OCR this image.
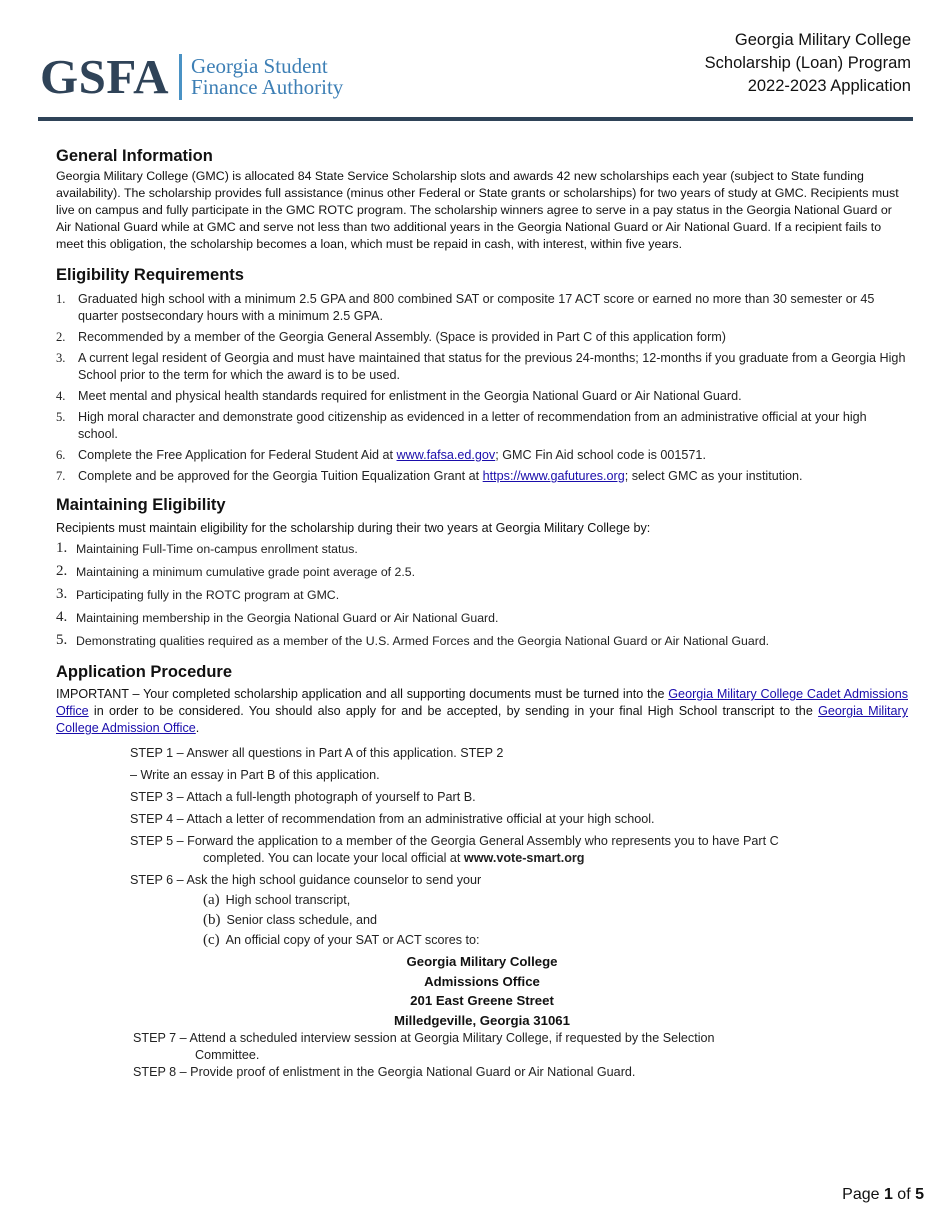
GSFA Georgia Student
Finance Authority
Georgia Military College
Scholarship (Loan) Program
2022-2023 Application
General Information

Georgia Military College (GMC) is allocated 84 State Service Scholarship slots and awards 42 new scholarships each year (subject to State funding availability). The scholarship provides full assistance (minus other Federal or State grants or scholarships) for two years of study at GMC. Recipients must live on campus and fully participate in the GMC ROTC program. The scholarship winners agree to serve in a pay status in the Georgia National Guard or Air National Guard while at GMC and serve not less than two additional years in the Georgia National Guard or Air National Guard. If a recipient fails to meet this obligation, the scholarship becomes a loan, which must be repaid in cash, with interest, within five years.

Eligibility Requirements
1. Graduated high school with a minimum 2.5 GPA and 800 combined SAT or composite 17 ACT score or earned no more than 30 semester or 45 quarter postsecondary hours with a minimum 2.5 GPA.
2. Recommended by a member of the Georgia General Assembly. (Space is provided in Part C of this application form)
3. A current legal resident of Georgia and must have maintained that status for the previous 24-months; 12-months if you graduate from a Georgia High School prior to the term for which the award is to be used.
4. Meet mental and physical health standards required for enlistment in the Georgia National Guard or Air National Guard.
5. High moral character and demonstrate good citizenship as evidenced in a letter of recommendation from an administrative official at your high school.
6. Complete the Free Application for Federal Student Aid at www.fafsa.ed.gov; GMC Fin Aid school code is 001571.
7. Complete and be approved for the Georgia Tuition Equalization Grant at https://www.gafutures.org; select GMC as your institution.
Maintaining Eligibility

Recipients must maintain eligibility for the scholarship during their two years at Georgia Military College by:

1. Maintaining Full-Time on-campus enrollment status.
2. Maintaining a minimum cumulative grade point average of 2.5.
3. Participating fully in the ROTC program at GMC.
4. Maintaining membership in the Georgia National Guard or Air National Guard.
5. Demonstrating qualities required as a member of the U.S. Armed Forces and the Georgia National Guard or Air National Guard.
Application Procedure

IMPORTANT – Your completed scholarship application and all supporting documents must be turned into the Georgia Military College Cadet Admissions Office in order to be considered. You should also apply for and be accepted, by sending in your final High School transcript to the Georgia Military College Admission Office.

STEP 1 – Answer all questions in Part A of this application. STEP 2
– Write an essay in Part B of this application.
STEP 3 – Attach a full-length photograph of yourself to Part B.
STEP 4 – Attach a letter of recommendation from an administrative official at your high school.
STEP 5 – Forward the application to a member of the Georgia General Assembly who represents you to have Part C
completed. You can locate your local official at www.vote-smart.org
STEP 6 – Ask the high school guidance counselor to send your
(a) High school transcript,
(b) Senior class schedule, and
(c) An official copy of your SAT or ACT scores to:
Georgia Military College
Admissions Office
201 East Greene Street
Milledgeville, Georgia 31061
STEP 7 – Attend a scheduled interview session at Georgia Military College, if requested by the Selection
Committee.
STEP 8 – Provide proof of enlistment in the Georgia National Guard or Air National Guard.
Page 1 of 5
